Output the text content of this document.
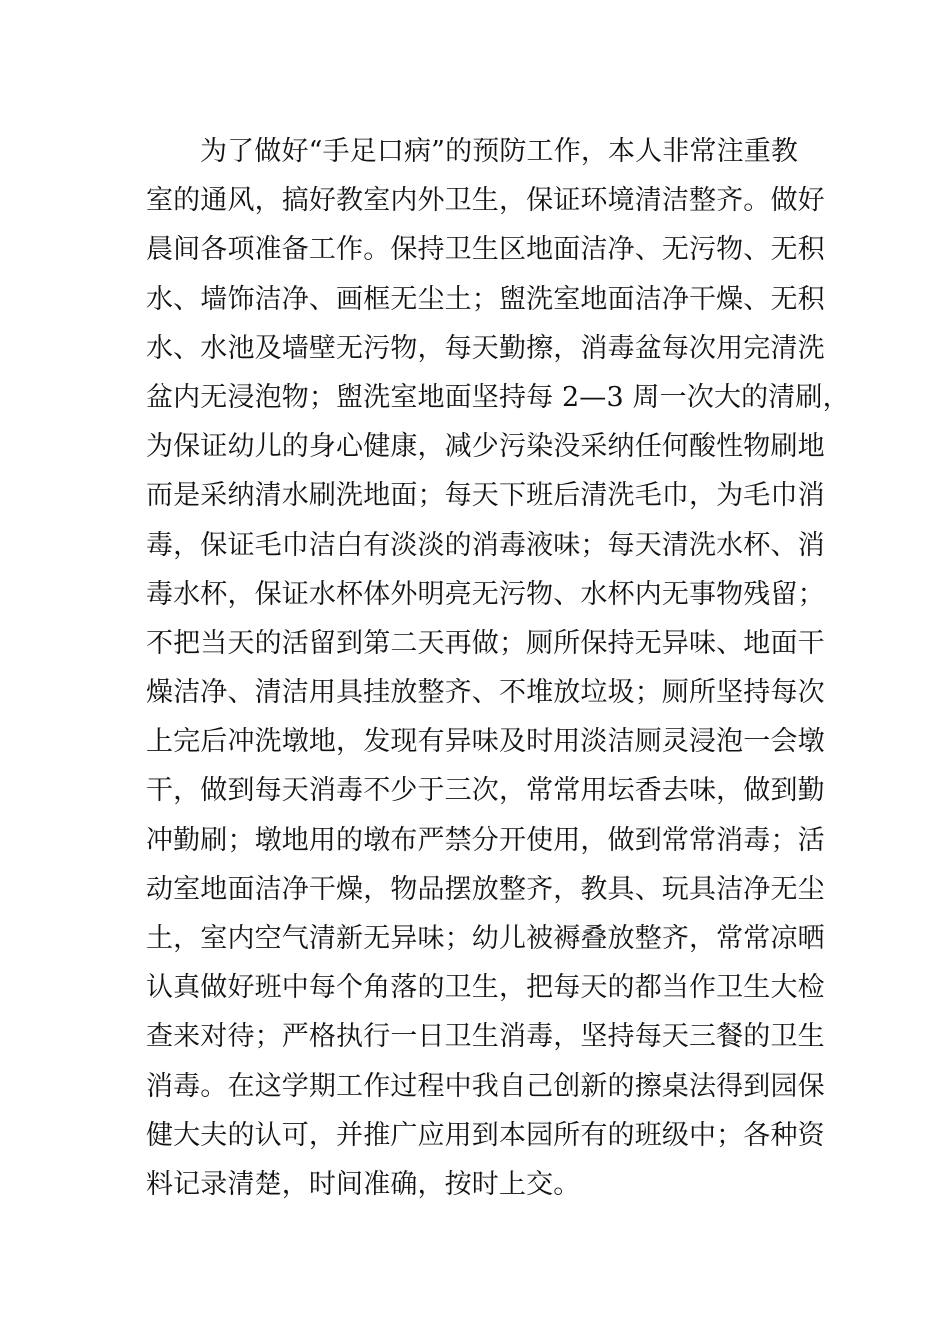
为了做好“手足口病”的预防工作，本人非常注重教
室的通风，搞好教室内外卫生，保证环境清洁整齐。做好
晨间各项准备工作。保持卫生区地面洁净、无污物、无积
水、墙饰洁净、画框无尘土；盥洗室地面洁净干燥、无积
水、水池及墙壁无污物，每天勤擦，消毒盆每次用完清洗
盆内无浸泡物；盥洗室地面坚持每 2—3 周一次大的清刷，
为保证幼儿的身心健康，减少污染没采纳任何酸性物刷地
而是采纳清水刷洗地面；每天下班后清洗毛巾，为毛巾消
毒，保证毛巾洁白有淡淡的消毒液味；每天清洗水杯、消
毒水杯，保证水杯体外明亮无污物、水杯内无事物残留；
不把当天的活留到第二天再做；厕所保持无异味、地面干
燥洁净、清洁用具挂放整齐、不堆放垃圾；厕所坚持每次
上完后冲洗墩地，发现有异味及时用淡洁厕灵浸泡一会墩
干，做到每天消毒不少于三次，常常用坛香去味，做到勤
冲勤刷；墩地用的墩布严禁分开使用，做到常常消毒；活
动室地面洁净干燥，物品摆放整齐，教具、玩具洁净无尘
土，室内空气清新无异味；幼儿被褥叠放整齐，常常凉晒
认真做好班中每个角落的卫生，把每天的都当作卫生大检
查来对待；严格执行一日卫生消毒，坚持每天三餐的卫生
消毒。在这学期工作过程中我自己创新的擦桌法得到园保
健大夫的认可，并推广应用到本园所有的班级中；各种资
料记录清楚，时间准确，按时上交。
